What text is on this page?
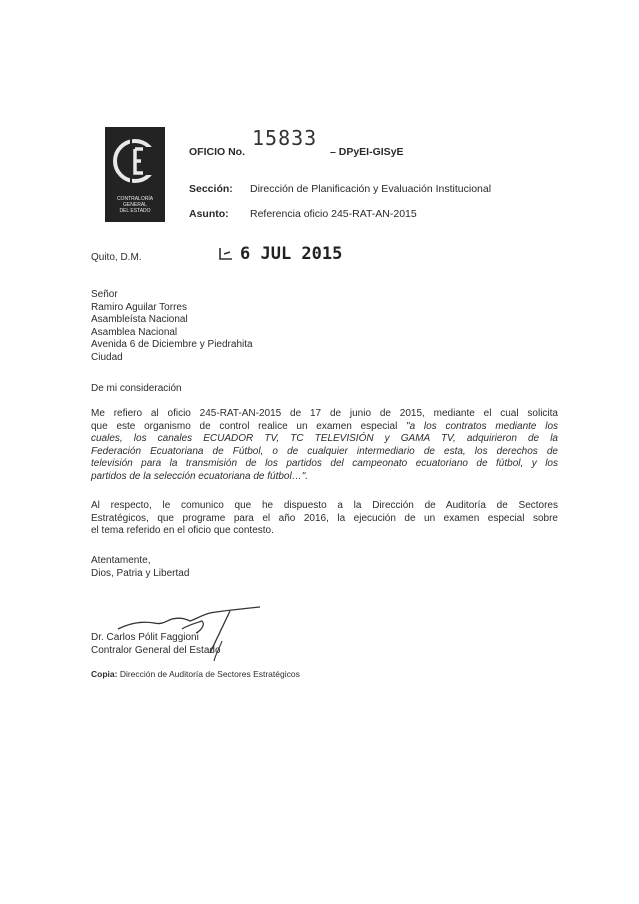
CONTRALORÍA
GENERAL
DEL ESTADO
15833
OFICIO No.	– DPyEI-GISyE
Sección: Dirección de Planificación y Evaluación Institucional
Asunto: Referencia oficio 245-RAT-AN-2015
Quito, D.M.	6 JUL 2015
Señor
Ramiro Aguilar Torres
Asambleísta Nacional
Asamblea Nacional
Avenida 6 de Diciembre y Piedrahita
Ciudad
De mi consideración
Me refiero al oficio 245-RAT-AN-2015 de 17 de junio de 2015, mediante el cual solicita
que este organismo de control realice un examen especial "a los contratos mediante los
cuales, los canales ECUADOR TV, TC TELEVISIÓN y GAMA TV, adquirieron de la
Federación Ecuatoriana de Fútbol, o de cualquier intermediario de esta, los derechos de
televisión para la transmisión de los partidos del campeonato ecuatoriano de fútbol, y los
partidos de la selección ecuatoriana de fútbol…".
Al respecto, le comunico que he dispuesto a la Dirección de Auditoría de Sectores
Estratégicos, que programe para el año 2016, la ejecución de un examen especial sobre
el tema referido en el oficio que contesto.
Atentamente,
Dios, Patria y Libertad
Dr. Carlos Pólit Faggioni
Contralor General del Estado
Copia: Dirección de Auditoría de Sectores Estratégicos
